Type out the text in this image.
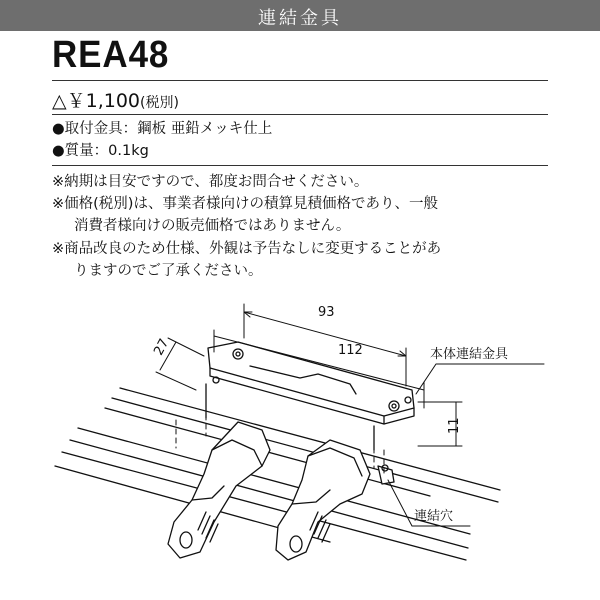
連結金具
REA48
△￥1,100(税別)
●取付金具：鋼板 亜鉛メッキ仕上
●質量：0.1kg
※納期は目安ですので、都度お問合せください。
※価格(税別)は、事業者様向けの積算見積価格であり、一般
消費者様向けの販売価格ではありません。
※商品改良のため仕様、外観は予告なしに変更することがあ
りますのでご了承ください。
93
112
27
11
本体連結金具
連結穴
